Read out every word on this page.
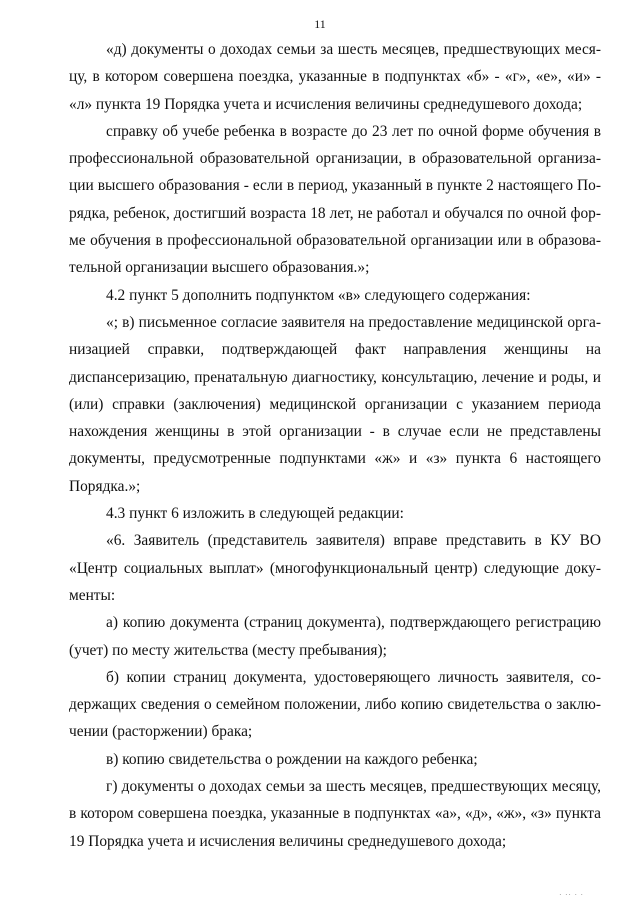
11

«д) документы о доходах семьи за шесть месяцев, предшествующих месяцу, в котором совершена поездка, указанные в подпунктах «б» - «г», «е», «и» - «л» пункта 19 Порядка учета и исчисления величины среднедушевого дохода;

справку об учебе ребенка в возрасте до 23 лет по очной форме обучения в профессиональной образовательной организации, в образовательной организации высшего образования - если в период, указанный в пункте 2 настоящего Порядка, ребенок, достигший возраста 18 лет, не работал и обучался по очной форме обучения в профессиональной образовательной организации или в образовательной организации высшего образования.»;

4.2 пункт 5 дополнить подпунктом «в» следующего содержания:

«; в) письменное согласие заявителя на предоставление медицинской организацией справки, подтверждающей факт направления женщины на диспансеризацию, пренатальную диагностику, консультацию, лечение и роды, и (или) справки (заключения) медицинской организации с указанием периода нахождения женщины в этой организации - в случае если не представлены документы, предусмотренные подпунктами «ж» и «з» пункта 6 настоящего Порядка.»;

4.3 пункт 6 изложить в следующей редакции:

«6. Заявитель (представитель заявителя) вправе представить в КУ ВО «Центр социальных выплат» (многофункциональный центр) следующие документы:

а) копию документа (страниц документа), подтверждающего регистрацию (учет) по месту жительства (месту пребывания);

б) копии страниц документа, удостоверяющего личность заявителя, содержащих сведения о семейном положении, либо копию свидетельства о заключении (расторжении) брака;

в) копию свидетельства о рождении на каждого ребенка;

г) документы о доходах семьи за шесть месяцев, предшествующих месяцу, в котором совершена поездка, указанные в подпунктах «а», «д», «ж», «з» пункта 19 Порядка учета и исчисления величины среднедушевого дохода;

· ·· · ·
